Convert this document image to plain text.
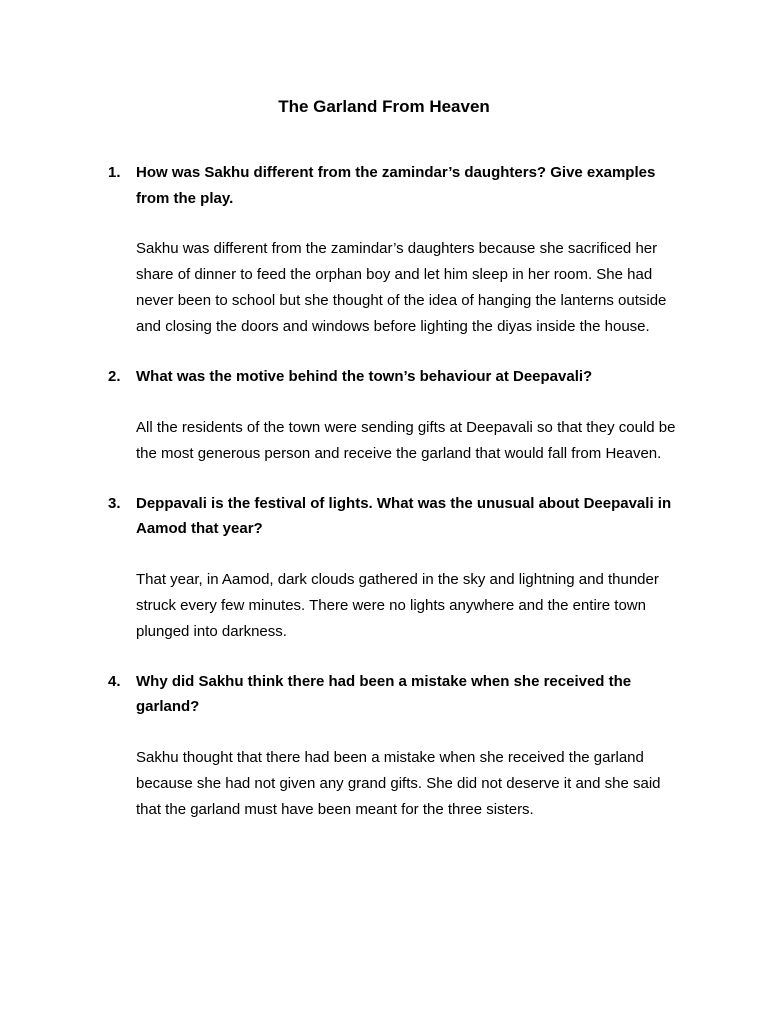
The Garland From Heaven
1.	How was Sakhu different from the zamindar’s daughters? Give examples from the play.

Sakhu was different from the zamindar’s daughters because she sacrificed her share of dinner to feed the orphan boy and let him sleep in her room. She had never been to school but she thought of the idea of hanging the lanterns outside and closing the doors and windows before lighting the diyas inside the house.

2.	What was the motive behind the town’s behaviour at Deepavali?

All the residents of the town were sending gifts at Deepavali so that they could be the most generous person and receive the garland that would fall from Heaven.

3.	Deppavali is the festival of lights. What was the unusual about Deepavali in Aamod that year?

That year, in Aamod, dark clouds gathered in the sky and lightning and thunder struck every few minutes. There were no lights anywhere and the entire town plunged into darkness.

4.	Why did Sakhu think there had been a mistake when she received the garland?

Sakhu thought that there had been a mistake when she received the garland because she had not given any grand gifts. She did not deserve it and she said that the garland must have been meant for the three sisters.
